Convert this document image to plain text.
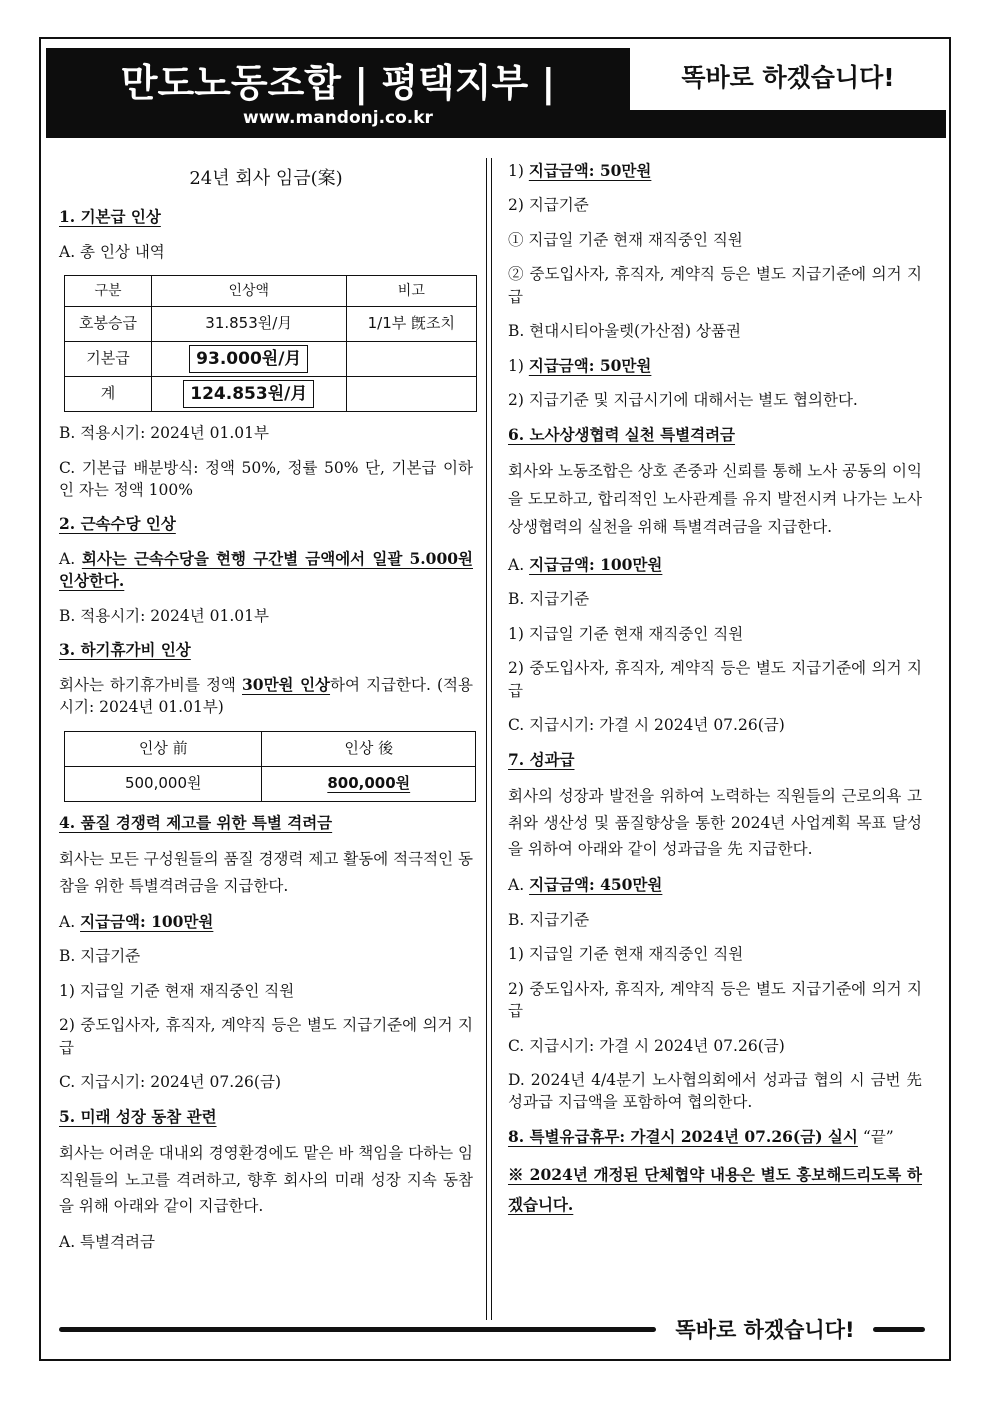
만도노동조합 | 평택지부 |
www.mandonj.co.kr
똑바로 하겠습니다!

24년 회사 임금(案)

1. 기본급 인상

A. 총 인상 내역

구분	인상액	비고
호봉승급	31.853원/月	1/1부 旣조치
기본급	93.000원/月	
계	124.853원/月	

B. 적용시기: 2024년 01.01부

C. 기본급 배분방식: 정액 50%, 정률 50% 단, 기본급 이하인 자는 정액 100%

2. 근속수당 인상

A. 회사는 근속수당을 현행 구간별 금액에서 일괄 5.000원 인상한다.

B. 적용시기: 2024년 01.01부

3. 하기휴가비 인상

회사는 하기휴가비를 정액 30만원 인상하여 지급한다. (적용시기: 2024년 01.01부)

인상 前	인상 後
500,000원	800,000원

4. 품질 경쟁력 제고를 위한 특별 격려금

회사는 모든 구성원들의 품질 경쟁력 제고 활동에 적극적인 동참을 위한 특별격려금을 지급한다.

A. 지급금액: 100만원

B. 지급기준

1) 지급일 기준 현재 재직중인 직원

2) 중도입사자, 휴직자, 계약직 등은 별도 지급기준에 의거 지급

C. 지급시기: 2024년 07.26(금)

5. 미래 성장 동참 관련

회사는 어려운 대내외 경영환경에도 맡은 바 책임을 다하는 임직원들의 노고를 격려하고, 향후 회사의 미래 성장 지속 동참을 위해 아래와 같이 지급한다.

A. 특별격려금

1) 지급금액: 50만원

2) 지급기준

① 지급일 기준 현재 재직중인 직원

② 중도입사자, 휴직자, 계약직 등은 별도 지급기준에 의거 지급

B. 현대시티아울렛(가산점) 상품권

1) 지급금액: 50만원

2) 지급기준 및 지급시기에 대해서는 별도 협의한다.

6. 노사상생협력 실천 특별격려금

회사와 노동조합은 상호 존중과 신뢰를 통해 노사 공동의 이익을 도모하고, 합리적인 노사관계를 유지 발전시켜 나가는 노사상생협력의 실천을 위해 특별격려금을 지급한다.

A. 지급금액: 100만원

B. 지급기준

1) 지급일 기준 현재 재직중인 직원

2) 중도입사자, 휴직자, 계약직 등은 별도 지급기준에 의거 지급

C. 지급시기: 가결 시 2024년 07.26(금)

7. 성과급

회사의 성장과 발전을 위하여 노력하는 직원들의 근로의욕 고취와 생산성 및 품질향상을 통한 2024년 사업계획 목표 달성을 위하여 아래와 같이 성과급을 先 지급한다.

A. 지급금액: 450만원

B. 지급기준

1) 지급일 기준 현재 재직중인 직원

2) 중도입사자, 휴직자, 계약직 등은 별도 지급기준에 의거 지급

C. 지급시기: 가결 시 2024년 07.26(금)

D. 2024년 4/4분기 노사협의회에서 성과급 협의 시 금번 先성과급 지급액을 포함하여 협의한다.

8. 특별유급휴무: 가결시 2024년 07.26(금) 실시 “끝”

※ 2024년 개정된 단체협약 내용은 별도 홍보해드리도록 하겠습니다.

똑바로 하겠습니다!
